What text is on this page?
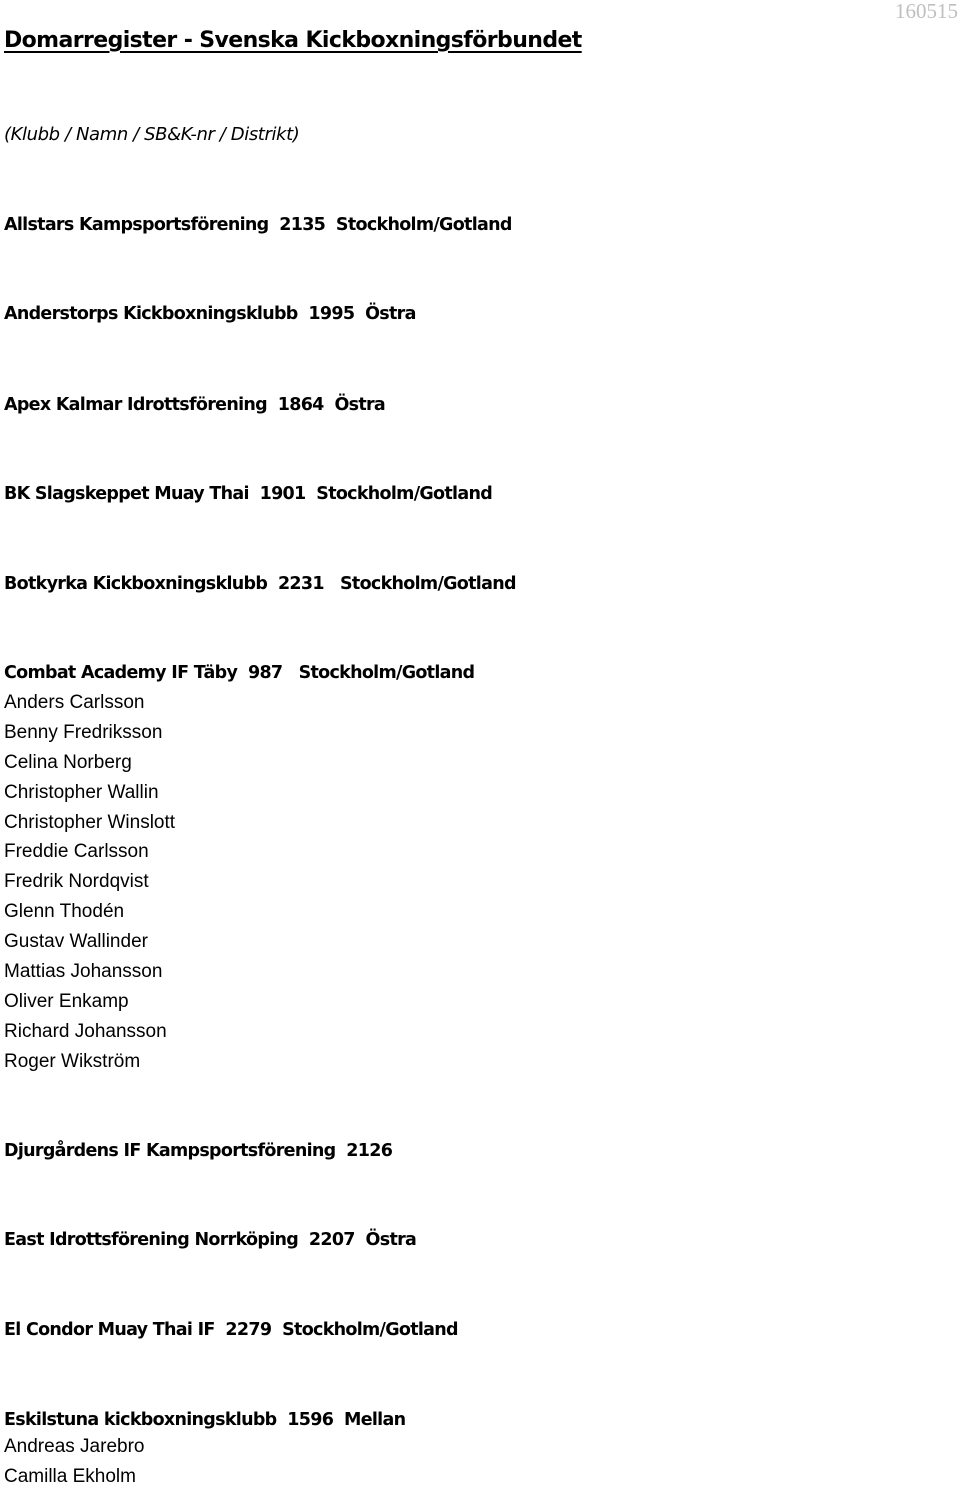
160515
Domarregister - Svenska Kickboxningsförbundet
(Klubb / Namn / SB&K-nr / Distrikt)
Allstars Kampsportsförening  2135  Stockholm/Gotland
Anderstorps Kickboxningsklubb  1995  Östra
Apex Kalmar Idrottsförening  1864  Östra
BK Slagskeppet Muay Thai  1901  Stockholm/Gotland
Botkyrka Kickboxningsklubb  2231   Stockholm/Gotland
Combat Academy IF Täby  987   Stockholm/Gotland
Anders Carlsson
Benny Fredriksson
Celina Norberg
Christopher Wallin
Christopher Winslott
Freddie Carlsson
Fredrik Nordqvist
Glenn Thodén
Gustav Wallinder
Mattias Johansson
Oliver Enkamp
Richard Johansson
Roger Wikström
Djurgårdens IF Kampsportsförening  2126
East Idrottsförening Norrköping  2207  Östra
El Condor Muay Thai IF  2279  Stockholm/Gotland
Eskilstuna kickboxningsklubb  1596  Mellan
Andreas Jarebro
Camilla Ekholm
